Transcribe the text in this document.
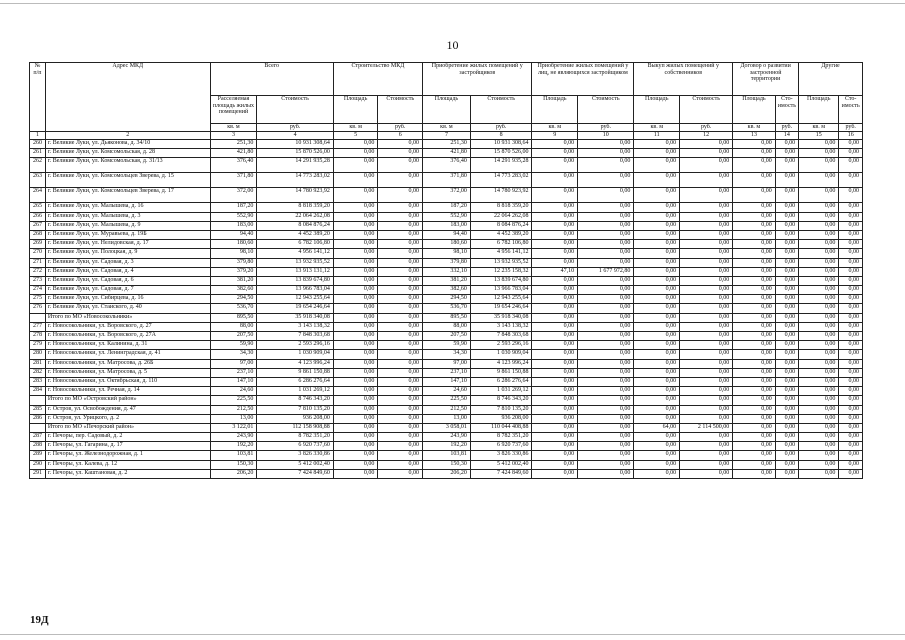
10
№ п/п	Адрес МКД	Всего		Строительство МКД		Приобретение жилых помещений у застройщиков		Приобретение жилых помещений у лиц, не являющихся застройщиком		Выкуп жилых помещений у собственников		Договор о развитии застроенной территории		Другие	
		Расселяемая площадь жилых помещений	Стоимость	Площадь	Стоимость	Площадь	Стоимость	Площадь	Стоимость	Площадь	Стоимость	Площадь	Сто-имость	Площадь	Сто-имость
		кв. м	руб.	кв. м	руб.	кв. м	руб.	кв. м	руб.	кв. м	руб.	кв. м	руб.	кв. м	руб.
1	2	3	4	5	6	7	8	9	10	11	12	13	14	15	16
260	г. Великие Луки, ул. Дьяконова, д. 34/10	251,30	10 931 308,64	0,00	0,00	251,30	10 931 308,64	0,00	0,00	0,00	0,00	0,00	0,00	0,00	0,00
261	г. Великие Луки, ул. Комсомольская, д. 28	421,80	15 870 526,00	0,00	0,00	421,80	15 870 526,00	0,00	0,00	0,00	0,00	0,00	0,00	0,00	0,00
262	г. Великие Луки, ул. Комсомольская, д. 31/13	376,40	14 291 935,28	0,00	0,00	376,40	14 291 935,28	0,00	0,00	0,00	0,00	0,00	0,00	0,00	0,00
263	г. Великие Луки, ул. Комсомольцев Зверева, д. 15	371,80	14 773 283,02	0,00	0,00	371,80	14 773 283,02	0,00	0,00	0,00	0,00	0,00	0,00	0,00	0,00
264	г. Великие Луки, ул. Комсомольцев Зверева, д. 17	372,00	14 780 923,92	0,00	0,00	372,00	14 780 923,92	0,00	0,00	0,00	0,00	0,00	0,00	0,00	0,00
265	г. Великие Луки, ул. Малышева, д. 16	187,20	8 818 359,20	0,00	0,00	187,20	8 818 359,20	0,00	0,00	0,00	0,00	0,00	0,00	0,00	0,00
266	г. Великие Луки, ул. Малышева, д. 3	552,90	22 064 262,08	0,00	0,00	552,90	22 064 262,08	0,00	0,00	0,00	0,00	0,00	0,00	0,00	0,00
267	г. Великие Луки, ул. Малышева, д. 9	183,00	8 084 876,24	0,00	0,00	183,00	8 084 876,24	0,00	0,00	0,00	0,00	0,00	0,00	0,00	0,00
268	г. Великие Луки, ул. Муравьева, д. 19Б	94,40	4 452 389,20	0,00	0,00	94,40	4 452 389,20	0,00	0,00	0,00	0,00	0,00	0,00	0,00	0,00
269	г. Великие Луки, ул. Нелидовская, д. 17	180,60	6 782 106,80	0,00	0,00	180,60	6 782 106,80	0,00	0,00	0,00	0,00	0,00	0,00	0,00	0,00
270	г. Великие Луки, ул. Полоцкая, д. 9	98,10	4 956 141,12	0,00	0,00	98,10	4 956 141,12	0,00	0,00	0,00	0,00	0,00	0,00	0,00	0,00
271	г. Великие Луки, ул. Садовая, д. 3	379,80	13 932 935,52	0,00	0,00	379,80	13 932 935,52	0,00	0,00	0,00	0,00	0,00	0,00	0,00	0,00
272	г. Великие Луки, ул. Садовая, д. 4	379,20	13 913 131,12	0,00	0,00	332,10	12 235 158,32	47,10	1 677 972,80	0,00	0,00	0,00	0,00	0,00	0,00
273	г. Великие Луки, ул. Садовая, д. 6	381,20	13 839 674,80	0,00	0,00	381,20	13 839 674,80	0,00	0,00	0,00	0,00	0,00	0,00	0,00	0,00
274	г. Великие Луки, ул. Садовая, д. 7	382,60	13 966 783,04	0,00	0,00	382,60	13 966 783,04	0,00	0,00	0,00	0,00	0,00	0,00	0,00	0,00
275	г. Великие Луки, ул. Сибирцева, д. 16	294,50	12 943 255,64	0,00	0,00	294,50	12 943 255,64	0,00	0,00	0,00	0,00	0,00	0,00	0,00	0,00
276	г. Великие Луки, ул. Стаиского, д. 40	536,70	19 654 246,64	0,00	0,00	536,70	19 654 246,64	0,00	0,00	0,00	0,00	0,00	0,00	0,00	0,00
	Итого по МО «Новосокольники»	895,50	35 918 340,08	0,00	0,00	895,50	35 918 340,08	0,00	0,00	0,00	0,00	0,00	0,00	0,00	0,00
277	г. Новосокольники, ул. Воровского, д. 27	88,00	3 143 138,32	0,00	0,00	88,00	3 143 138,32	0,00	0,00	0,00	0,00	0,00	0,00	0,00	0,00
278	г. Новосокольники, ул. Воровского, д. 27А	207,50	7 848 303,68	0,00	0,00	207,50	7 848 303,68	0,00	0,00	0,00	0,00	0,00	0,00	0,00	0,00
279	г. Новосокольники, ул. Калинина, д. 31	59,90	2 593 296,16	0,00	0,00	59,90	2 593 296,16	0,00	0,00	0,00	0,00	0,00	0,00	0,00	0,00
280	г. Новосокольники, ул. Ленинградская, д. 41	34,30	1 030 909,04	0,00	0,00	34,30	1 030 909,04	0,00	0,00	0,00	0,00	0,00	0,00	0,00	0,00
281	г. Новосокольники, ул. Матросова, д. 26Б	97,00	4 123 996,24	0,00	0,00	97,00	4 123 996,24	0,00	0,00	0,00	0,00	0,00	0,00	0,00	0,00
282	г. Новосокольники, ул. Матросова, д. 5	237,10	9 861 150,88	0,00	0,00	237,10	9 861 150,88	0,00	0,00	0,00	0,00	0,00	0,00	0,00	0,00
283	г. Новосокольники, ул. Октябрьская, д. 110	147,10	6 286 276,64	0,00	0,00	147,10	6 286 276,64	0,00	0,00	0,00	0,00	0,00	0,00	0,00	0,00
284	г. Новосокольники, ул. Речная, д. 14	24,60	1 031 269,12	0,00	0,00	24,60	1 031 269,12	0,00	0,00	0,00	0,00	0,00	0,00	0,00	0,00
	Итого по МО «Островский район»	225,50	8 746 343,20	0,00	0,00	225,50	8 746 343,20	0,00	0,00	0,00	0,00	0,00	0,00	0,00	0,00
285	г. Остров, ул. Освобождения, д. 47	212,50	7 810 135,20	0,00	0,00	212,50	7 810 135,20	0,00	0,00	0,00	0,00	0,00	0,00	0,00	0,00
286	г. Остров, ул. Урицкого, д. 2	13,00	936 208,00	0,00	0,00	13,00	936 208,00	0,00	0,00	0,00	0,00	0,00	0,00	0,00	0,00
	Итого по МО «Печорский район»	3 122,01	112 158 908,88	0,00	0,00	3 058,01	110 044 408,88	0,00	0,00	64,00	2 114 500,00	0,00	0,00	0,00	0,00
287	г. Печоры, пер. Садовый, д. 2	243,90	8 782 351,20	0,00	0,00	243,90	8 782 351,20	0,00	0,00	0,00	0,00	0,00	0,00	0,00	0,00
288	г. Печоры, ул. Гагарина, д. 17	192,20	6 920 737,60	0,00	0,00	192,20	6 920 737,60	0,00	0,00	0,00	0,00	0,00	0,00	0,00	0,00
289	г. Печоры, ул. Железнодорожная, д. 1	103,81	3 826 330,86	0,00	0,00	103,81	3 826 330,86	0,00	0,00	0,00	0,00	0,00	0,00	0,00	0,00
290	г. Печоры, ул. Калева, д. 12	150,30	5 412 002,40	0,00	0,00	150,30	5 412 002,40	0,00	0,00	0,00	0,00	0,00	0,00	0,00	0,00
291	г. Печоры, ул. Каштановая, д. 2	206,20	7 424 849,60	0,00	0,00	206,20	7 424 849,60	0,00	0,00	0,00	0,00	0,00	0,00	0,00	0,00
19Д
